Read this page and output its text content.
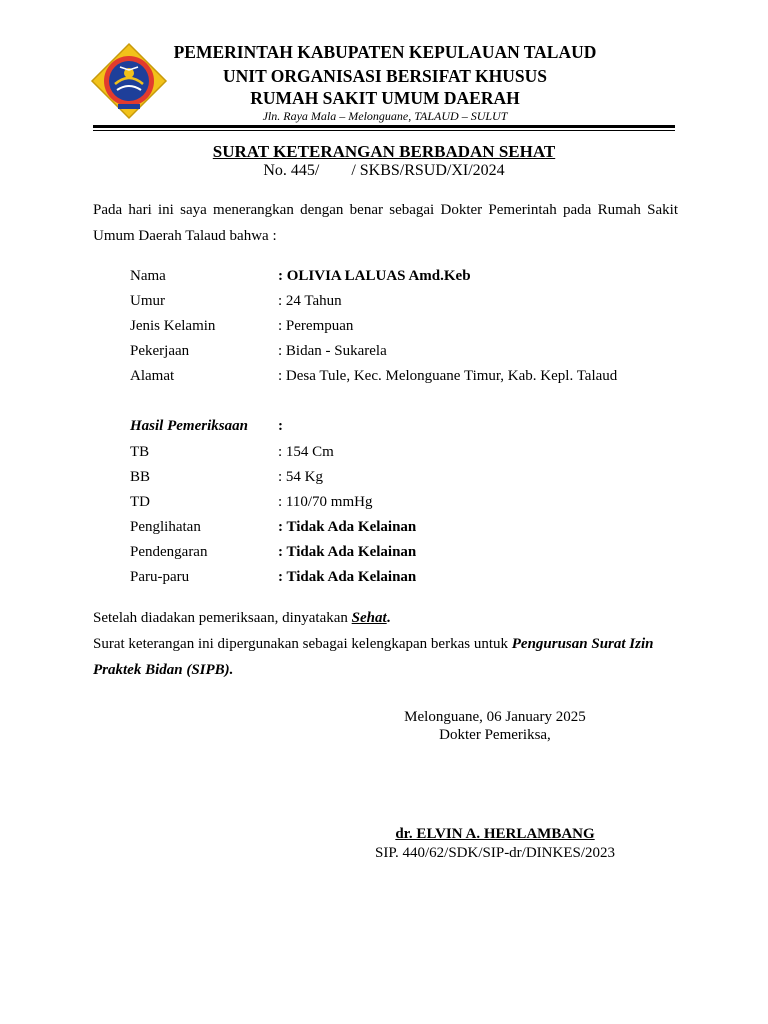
PEMERINTAH KABUPATEN KEPULAUAN TALAUD
UNIT ORGANISASI BERSIFAT KHUSUS
RUMAH SAKIT UMUM DAERAH
Jln. Raya Mala – Melonguane, TALAUD – SULUT
SURAT KETERANGAN BERBADAN SEHAT
No. 445/ / SKBS/RSUD/XI/2024
Pada hari ini saya menerangkan dengan benar sebagai Dokter Pemerintah pada Rumah Sakit Umum Daerah Talaud bahwa :
Nama	: OLIVIA LALUAS Amd.Keb
Umur	: 24 Tahun
Jenis Kelamin	: Perempuan
Pekerjaan	: Bidan - Sukarela
Alamat	: Desa Tule, Kec. Melonguane Timur, Kab. Kepl. Talaud
Hasil Pemeriksaan :
TB	: 154 Cm
BB	: 54 Kg
TD	: 110/70 mmHg
Penglihatan	: Tidak Ada Kelainan
Pendengaran	: Tidak Ada Kelainan
Paru-paru	: Tidak Ada Kelainan
Setelah diadakan pemeriksaan, dinyatakan Sehat.
Surat keterangan ini dipergunakan sebagai kelengkapan berkas untuk Pengurusan Surat Izin Praktek Bidan (SIPB).
Melonguane, 06 January 2025
Dokter Pemeriksa,
dr. ELVIN A. HERLAMBANG
SIP. 440/62/SDK/SIP-dr/DINKES/2023
